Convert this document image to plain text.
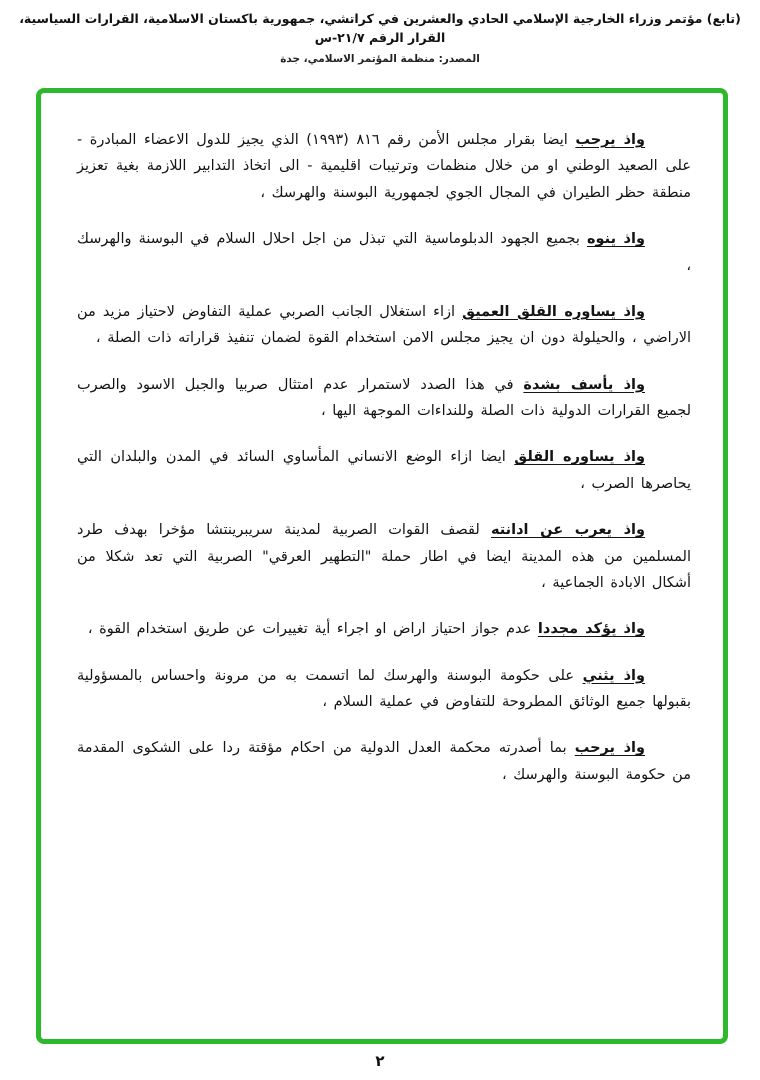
(تابع) مؤتمر وزراء الخارجية الإسلامي الحادي والعشرين في كراتشي، جمهورية باكستان الاسلامية، القرارات السياسية، القرار الرقم ٢١/٧-س
المصدر: منظمة المؤتمر الاسلامي، جدة

واذ يرحب ايضا بقرار مجلس الأمن رقم ٨١٦ (١٩٩٣) الذي يجيز للدول الاعضاء المبادرة - على الصعيد الوطني او من خلال منظمات وترتيبات اقليمية - الى اتخاذ التدابير اللازمة بغية تعزيز منطقة حظر الطيران في المجال الجوي لجمهورية البوسنة والهرسك ،

واذ ينوه بجميع الجهود الدبلوماسية التي تبذل من اجل احلال السلام في البوسنة والهرسك ،

واذ يساوره القلق العميق ازاء استغلال الجانب الصربي عملية التفاوض لاحتياز مزيد من الاراضي ، والحيلولة دون ان يجيز مجلس الامن استخدام القوة لضمان تنفيذ قراراته ذات الصلة ،

واذ يأسف بشدة في هذا الصدد لاستمرار عدم امتثال صربيا والجبل الاسود والصرب لجميع القرارات الدولية ذات الصلة وللنداءات الموجهة اليها ،

واذ يساوره القلق ايضا ازاء الوضع الانساني المأساوي السائد في المدن والبلدان التي يحاصرها الصرب ،

واذ يعرب عن ادانته لقصف القوات الصربية لمدينة سريبرينتشا مؤخرا بهدف طرد المسلمين من هذه المدينة ايضا في اطار حملة "التطهير العرقي" الصربية التي تعد شكلا من أشكال الابادة الجماعية ،

واذ يؤكد مجددا عدم جواز احتياز اراض او اجراء أية تغييرات عن طريق استخدام القوة ،

واذ يثني على حكومة البوسنة والهرسك لما اتسمت به من مرونة واحساس بالمسؤولية بقبولها جميع الوثائق المطروحة للتفاوض في عملية السلام ،

واذ يرحب بما أصدرته محكمة العدل الدولية من احكام مؤقتة ردا على الشكوى المقدمة من حكومة البوسنة والهرسك ،

٢
